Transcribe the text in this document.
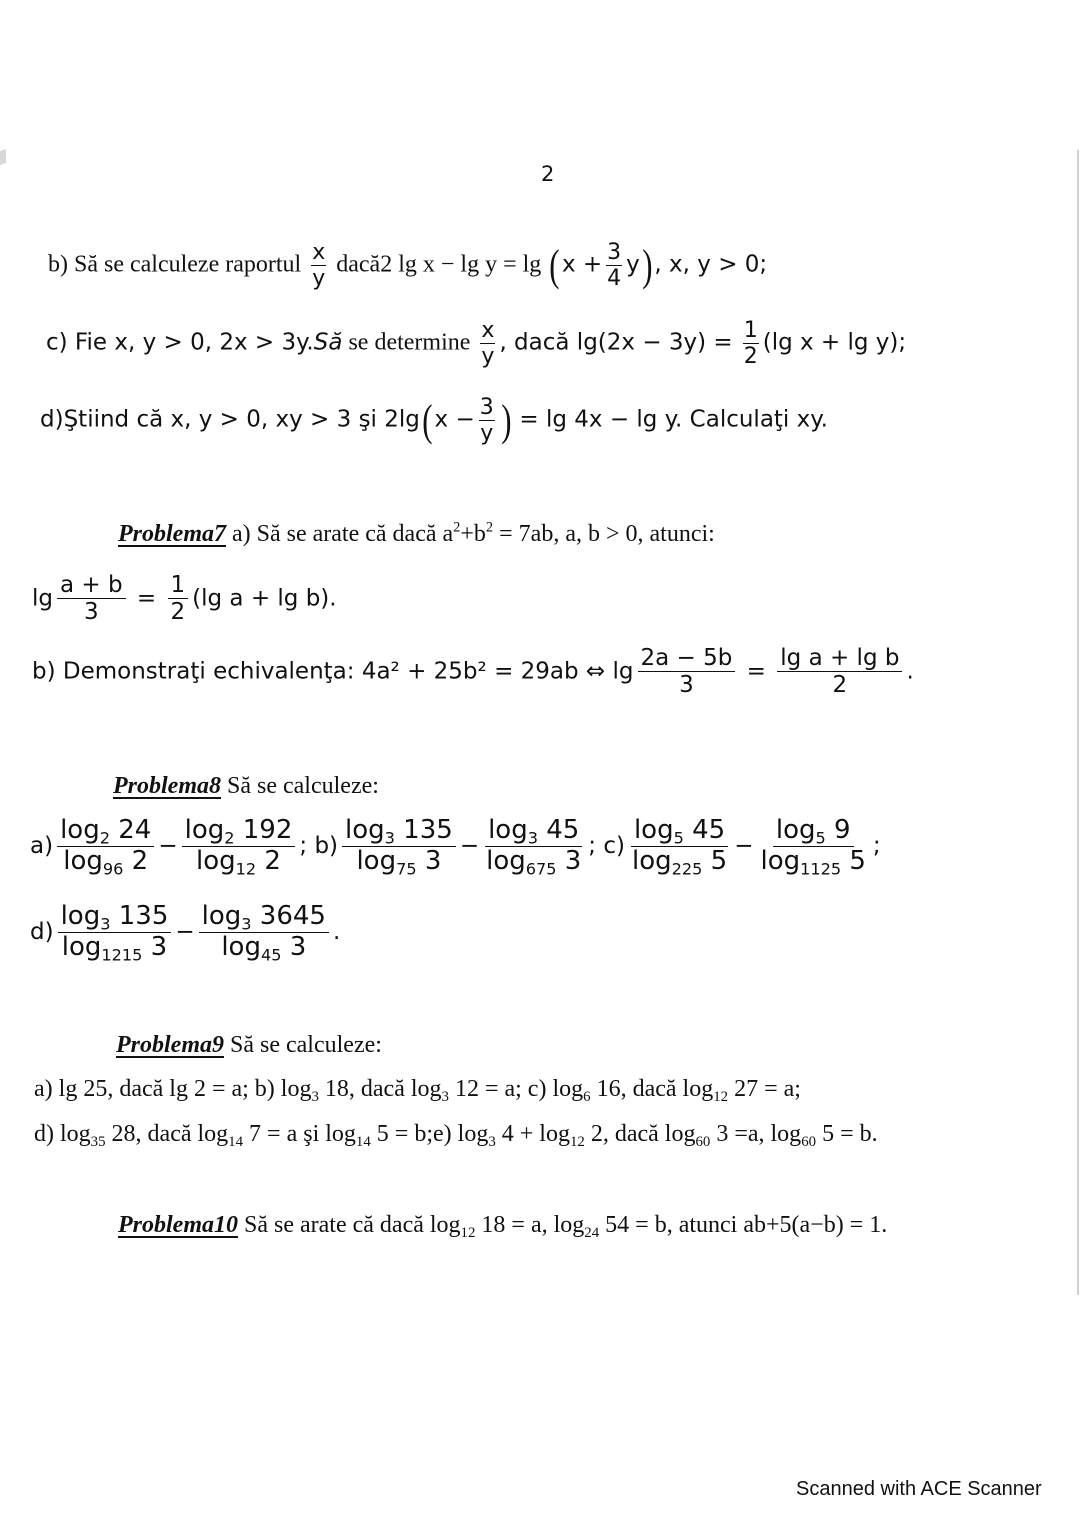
2
b) Să se calculeze raportul $\frac{x}{y}$ dacă2 $\lg x - \lg y = \lg (x + \frac{3}{4} y)$, x, y > 0;
c) Fie x, y > 0, 2x > 3y.Să se determine $\frac{x}{y}$ , dacă $\lg(2x - 3y) = \frac{1}{2} (\lg$ x + lg y);
d)Ştiind că x, y > 0, xy > 3 şi $2\lg(x - \frac{3}{y}$ ) = lg 4x − lg y. Calculaţi xy.
Problema7 a) Să se arate că dacă $a^2+b^2 = 7ab$, a, b > 0, atunci:
$\lg \frac{a + b}{3} = \frac{1}{2} (\lg$ a + lg b).
b) Demonstraţi echivalenţa: 4a² + 25b² = 29ab ⇔ $\lg \frac{2a - 5b}{3} = \frac{\text{lg a + lg b}}{2}$ .
Problema8 Să se calculeze:
$a) \frac{\log_2 24}{\log_{96} 2} - \frac{\log_2 192}{\log_{12} 2}$ ; $b) \frac{\log_3 135}{\log_{75} 3} - \frac{\log_3 45}{\log_{675} 3}$ ; $c) \frac{\log_5 45}{\log_{225} 5} - \frac{\log_5 9}{\log_{1125} 5}$ ;
$d) \frac{\log_3 135}{\log_{1215} 3} - \frac{\log_3 3645}{\log_{45} 3}$ .
Problema9 Să se calculeze:
a) lg 25, dacă lg 2 = a; b) $\log_3 18$, dacă $\log_3 12 = a$; c) $\log_6 16$, dacă $\log_{12} 27 = a$;
d) $\log_{35} 28$, dacă $\log_{14} 7 = a$ şi $\log_{14} 5$ = b;e) $\log_3 4 + \log_{12} 2$, dacă $\log_{60} 3 =a$, $\log_{60} 5 = b$.
Problema10 Să se arate că dacă $\log_{12} 18 = a$, $\log_{24} 54 = b$, atunci ab+5(a−b) = 1.
Scanned with ACE Scanner
